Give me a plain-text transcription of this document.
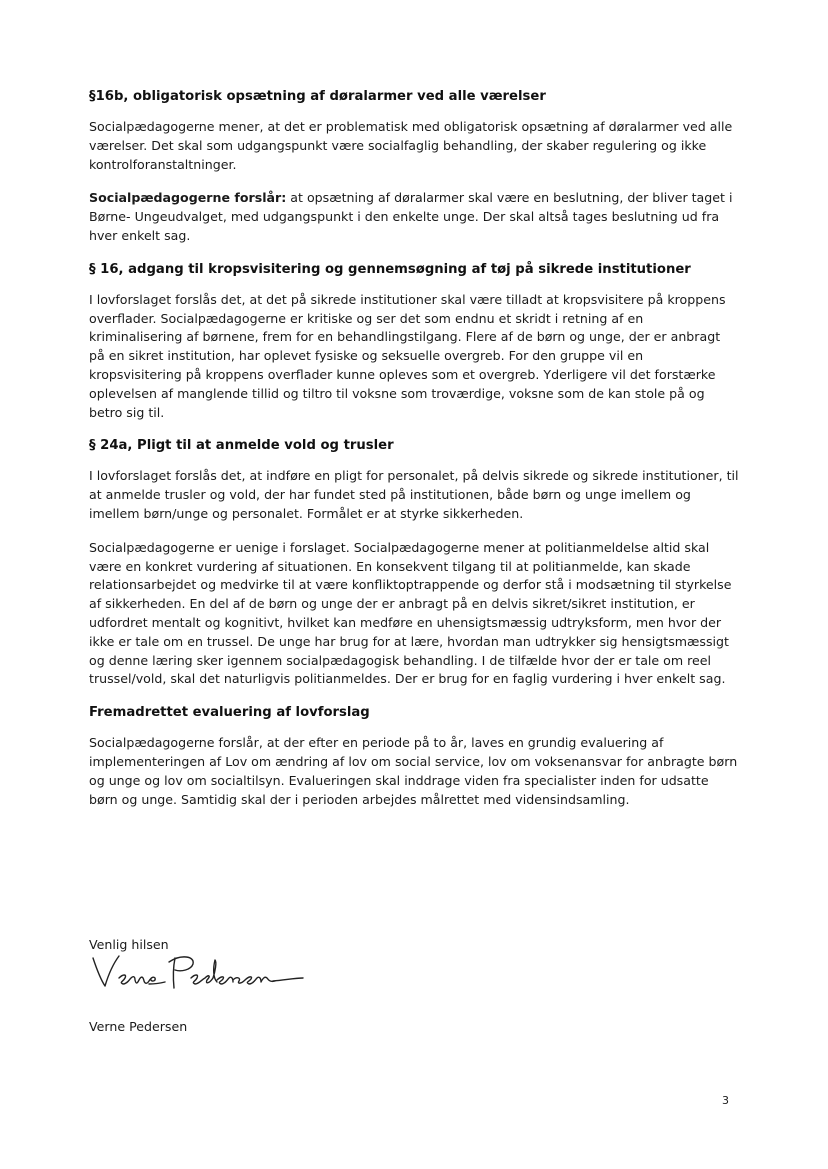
§16b, obligatorisk opsætning af døralarmer ved alle værelser

Socialpædagogerne mener, at det er problematisk med obligatorisk opsætning af døralarmer ved alle værelser. Det skal som udgangspunkt være socialfaglig behandling, der skaber regulering og ikke kontrolforanstaltninger.

Socialpædagogerne forslår: at opsætning af døralarmer skal være en beslutning, der bliver taget i Børne- Ungeudvalget, med udgangspunkt i den enkelte unge. Der skal altså tages beslutning ud fra hver enkelt sag.

§ 16, adgang til kropsvisitering og gennemsøgning af tøj på sikrede institutioner

I lovforslaget forslås det, at det på sikrede institutioner skal være tilladt at kropsvisitere på kroppens overflader. Socialpædagogerne er kritiske og ser det som endnu et skridt i retning af en kriminalisering af børnene, frem for en behandlingstilgang. Flere af de børn og unge, der er anbragt på en sikret institution, har oplevet fysiske og seksuelle overgreb. For den gruppe vil en kropsvisitering på kroppens overflader kunne opleves som et overgreb. Yderligere vil det forstærke oplevelsen af manglende tillid og tiltro til voksne som troværdige, voksne som de kan stole på og betro sig til.

§ 24a, Pligt til at anmelde vold og trusler

I lovforslaget forslås det, at indføre en pligt for personalet, på delvis sikrede og sikrede institutioner, til at anmelde trusler og vold, der har fundet sted på institutionen, både børn og unge imellem og imellem børn/unge og personalet. Formålet er at styrke sikkerheden.

Socialpædagogerne er uenige i forslaget. Socialpædagogerne mener at politianmeldelse altid skal være en konkret vurdering af situationen. En konsekvent tilgang til at politianmelde, kan skade relationsarbejdet og medvirke til at være konfliktoptrappende og derfor stå i modsætning til styrkelse af sikkerheden. En del af de børn og unge der er anbragt på en delvis sikret/sikret institution, er udfordret mentalt og kognitivt, hvilket kan medføre en uhensigtsmæssig udtryksform, men hvor der ikke er tale om en trussel. De unge har brug for at lære, hvordan man udtrykker sig hensigtsmæssigt og denne læring sker igennem socialpædagogisk behandling. I de tilfælde hvor der er tale om reel trussel/vold, skal det naturligvis politianmeldes. Der er brug for en faglig vurdering i hver enkelt sag.

Fremadrettet evaluering af lovforslag

Socialpædagogerne forslår, at der efter en periode på to år, laves en grundig evaluering af implementeringen af Lov om ændring af lov om social service, lov om voksenansvar for anbragte børn og unge og lov om socialtilsyn. Evalueringen skal inddrage viden fra specialister inden for udsatte børn og unge. Samtidig skal der i perioden arbejdes målrettet med vidensindsamling.

Venlig hilsen

Verne Pedersen
3
